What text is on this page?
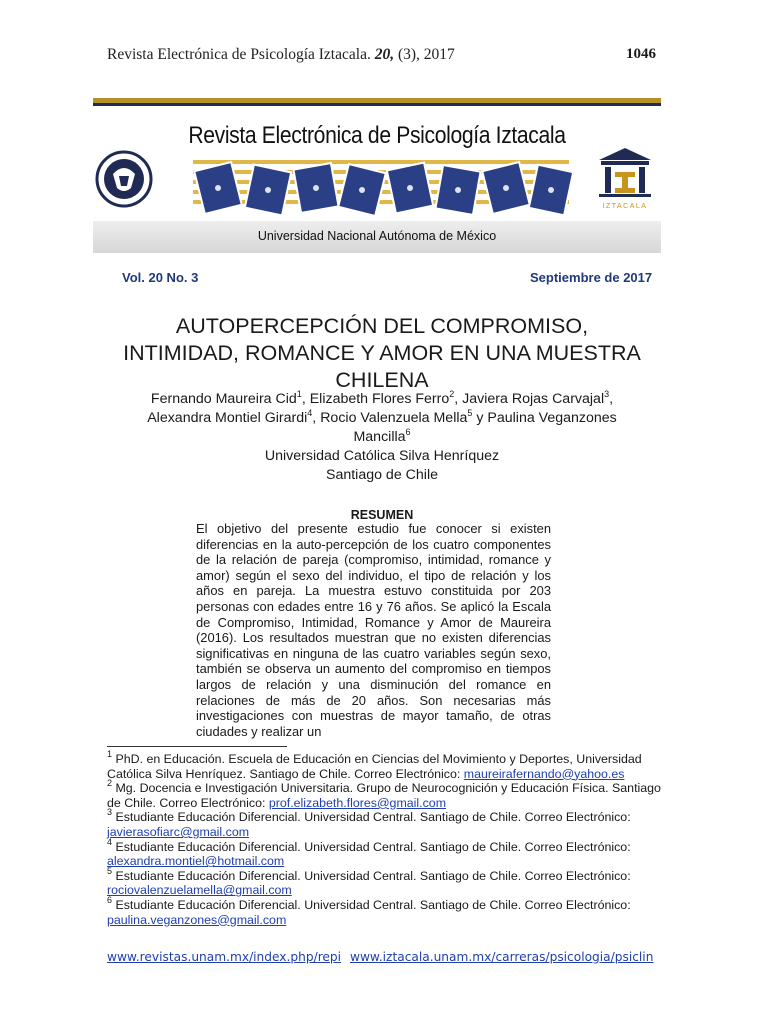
Revista Electrónica de Psicología Iztacala. 20, (3), 2017	1046
Revista Electrónica de Psicología Iztacala
IZTACALA
Universidad Nacional Autónoma de México
Vol. 20 No. 3	Septiembre de 2017
AUTOPERCEPCIÓN DEL COMPROMISO,
INTIMIDAD, ROMANCE Y AMOR EN UNA MUESTRA
CHILENA
Fernando Maureira Cid$^1$, Elizabeth Flores Ferro$^2$, Javiera Rojas Carvajal$^3$,
Alexandra Montiel Girardi$^4$, Rocio Valenzuela Mella$^5$ y Paulina Veganzones
Mancilla$^6$
Universidad Católica Silva Henríquez
Santiago de Chile
RESUMEN
El objetivo del presente estudio fue conocer si existen diferencias en la auto-percepción de los cuatro componentes de la relación de pareja (compromiso, intimidad, romance y amor) según el sexo del individuo, el tipo de relación y los años en pareja. La muestra estuvo constituida por 203 personas con edades entre 16 y 76 años. Se aplicó la Escala de Compromiso, Intimidad, Romance y Amor de Maureira (2016). Los resultados muestran que no existen diferencias significativas en ninguna de las cuatro variables según sexo, también se observa un aumento del compromiso en tiempos largos de relación y una disminución del romance en relaciones de más de 20 años. Son necesarias más investigaciones con muestras de mayor tamaño, de otras ciudades y realizar un

$^1$ PhD. en Educación. Escuela de Educación en Ciencias del Movimiento y Deportes, Universidad Católica Silva Henríquez. Santiago de Chile. Correo Electrónico: maureirafernando@yahoo.es

$^2$ Mg. Docencia e Investigación Universitaria. Grupo de Neurocognición y Educación Física. Santiago de Chile. Correo Electrónico: prof.elizabeth.flores@gmail.com

$^3$ Estudiante Educación Diferencial. Universidad Central. Santiago de Chile. Correo Electrónico: javierasofiarc@gmail.com

$^4$ Estudiante Educación Diferencial. Universidad Central. Santiago de Chile. Correo Electrónico: alexandra.montiel@hotmail.com

$^5$ Estudiante Educación Diferencial. Universidad Central. Santiago de Chile. Correo Electrónico: rociovalenzuelamella@gmail.com

$^6$ Estudiante Educación Diferencial. Universidad Central. Santiago de Chile. Correo Electrónico: paulina.veganzones@gmail.com

www.revistas.unam.mx/index.php/repi www.iztacala.unam.mx/carreras/psicologia/psiclin
